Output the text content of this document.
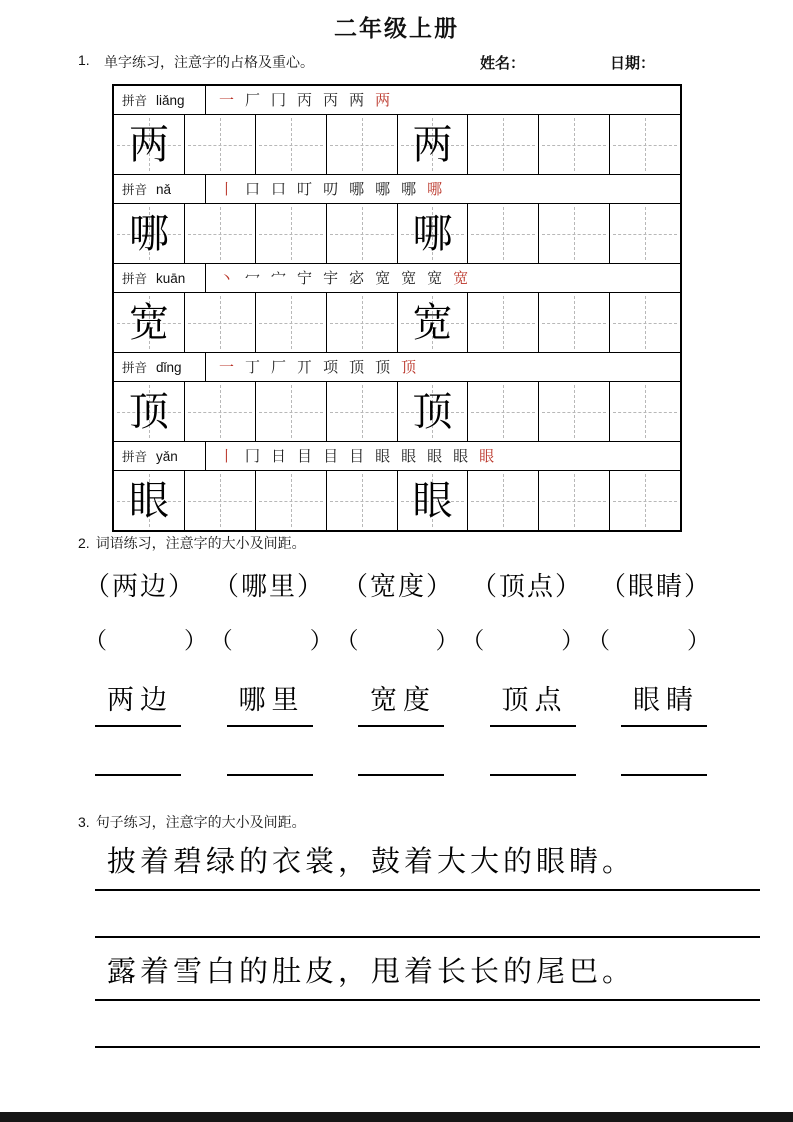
二年级上册
1. 单字练习，注意字的占格及重心。	姓名：	日期：
拼音 liǎng 一 厂 冂 丙 丙 两 两
两	两
拼音 nǎ	丨 口 口 叮 叨 哪 哪 哪 哪
哪	哪
拼音 kuān 丶 冖 宀 宁 宇 宓 宽 宽 宽 宽
宽	宽
拼音 dǐng 一 丁 厂 丌 项 顶 顶 顶
顶	顶
拼音 yǎn	丨 冂 日 目 目 目 眼 眼 眼 眼 眼
眼	眼
（两边） （哪里） （宽度） （顶点） （眼睛）
2. 词语练习，注意字的大小及间距。
（　　　） （　　　） （　　　） （　　　） （　　　）
两边	哪里	宽度	顶点	眼睛
3. 句子练习，注意字的大小及间距。
披着碧绿的衣裳，鼓着大大的眼睛。
露着雪白的肚皮，甩着长长的尾巴。
